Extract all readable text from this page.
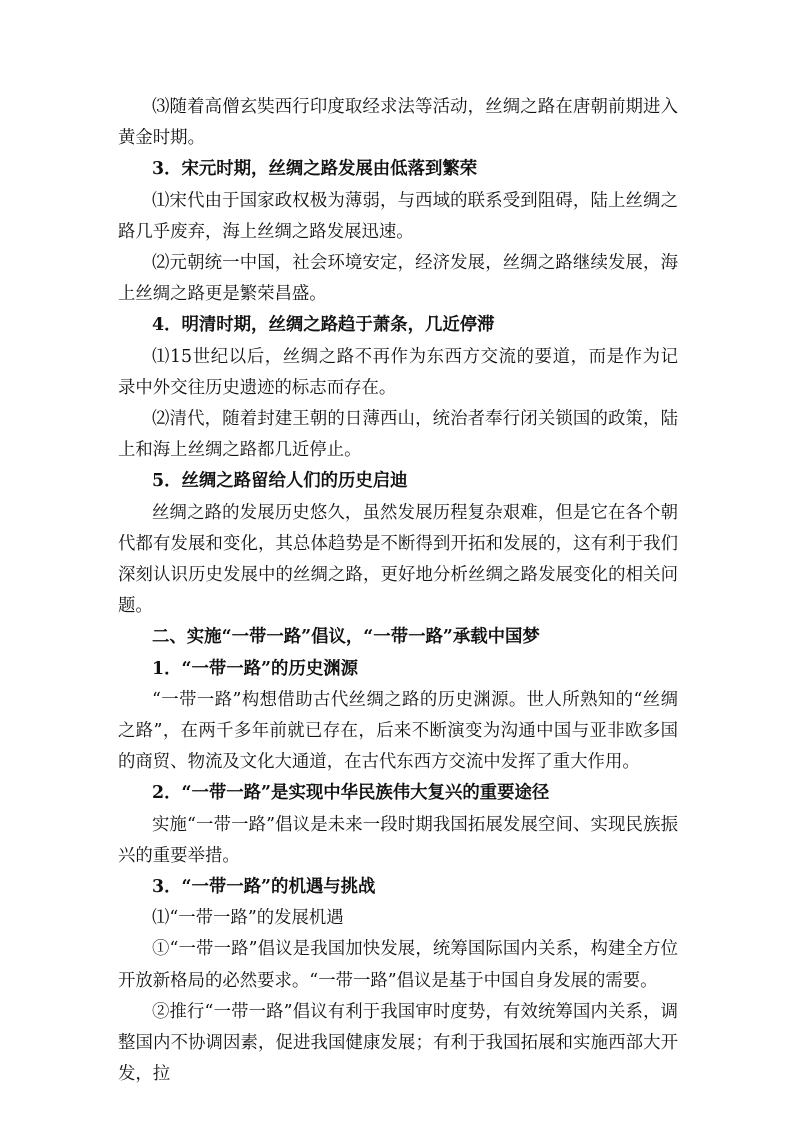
⑶随着高僧玄奘西行印度取经求法等活动，丝绸之路在唐朝前期进入黄金时期。

3．宋元时期，丝绸之路发展由低落到繁荣

⑴宋代由于国家政权极为薄弱，与西域的联系受到阻碍，陆上丝绸之路几乎废弃，海上丝绸之路发展迅速。

⑵元朝统一中国，社会环境安定，经济发展，丝绸之路继续发展，海上丝绸之路更是繁荣昌盛。

4．明清时期，丝绸之路趋于萧条，几近停滞

⑴15世纪以后，丝绸之路不再作为东西方交流的要道，而是作为记录中外交往历史遗迹的标志而存在。

⑵清代，随着封建王朝的日薄西山，统治者奉行闭关锁国的政策，陆上和海上丝绸之路都几近停止。

5．丝绸之路留给人们的历史启迪

丝绸之路的发展历史悠久，虽然发展历程复杂艰难，但是它在各个朝代都有发展和变化，其总体趋势是不断得到开拓和发展的，这有利于我们深刻认识历史发展中的丝绸之路，更好地分析丝绸之路发展变化的相关问题。

二、实施“一带一路”倡议，“一带一路”承载中国梦

1．“一带一路”的历史渊源

“一带一路”构想借助古代丝绸之路的历史渊源。世人所熟知的“丝绸之路”，在两千多年前就已存在，后来不断演变为沟通中国与亚非欧多国的商贸、物流及文化大通道，在古代东西方交流中发挥了重大作用。

2．“一带一路”是实现中华民族伟大复兴的重要途径

实施“一带一路”倡议是未来一段时期我国拓展发展空间、实现民族振兴的重要举措。

3．“一带一路”的机遇与挑战

⑴“一带一路”的发展机遇

①“一带一路”倡议是我国加快发展，统筹国际国内关系，构建全方位开放新格局的必然要求。“一带一路”倡议是基于中国自身发展的需要。

②推行“一带一路”倡议有利于我国审时度势，有效统筹国内关系，调整国内不协调因素，促进我国健康发展；有利于我国拓展和实施西部大开发，拉
